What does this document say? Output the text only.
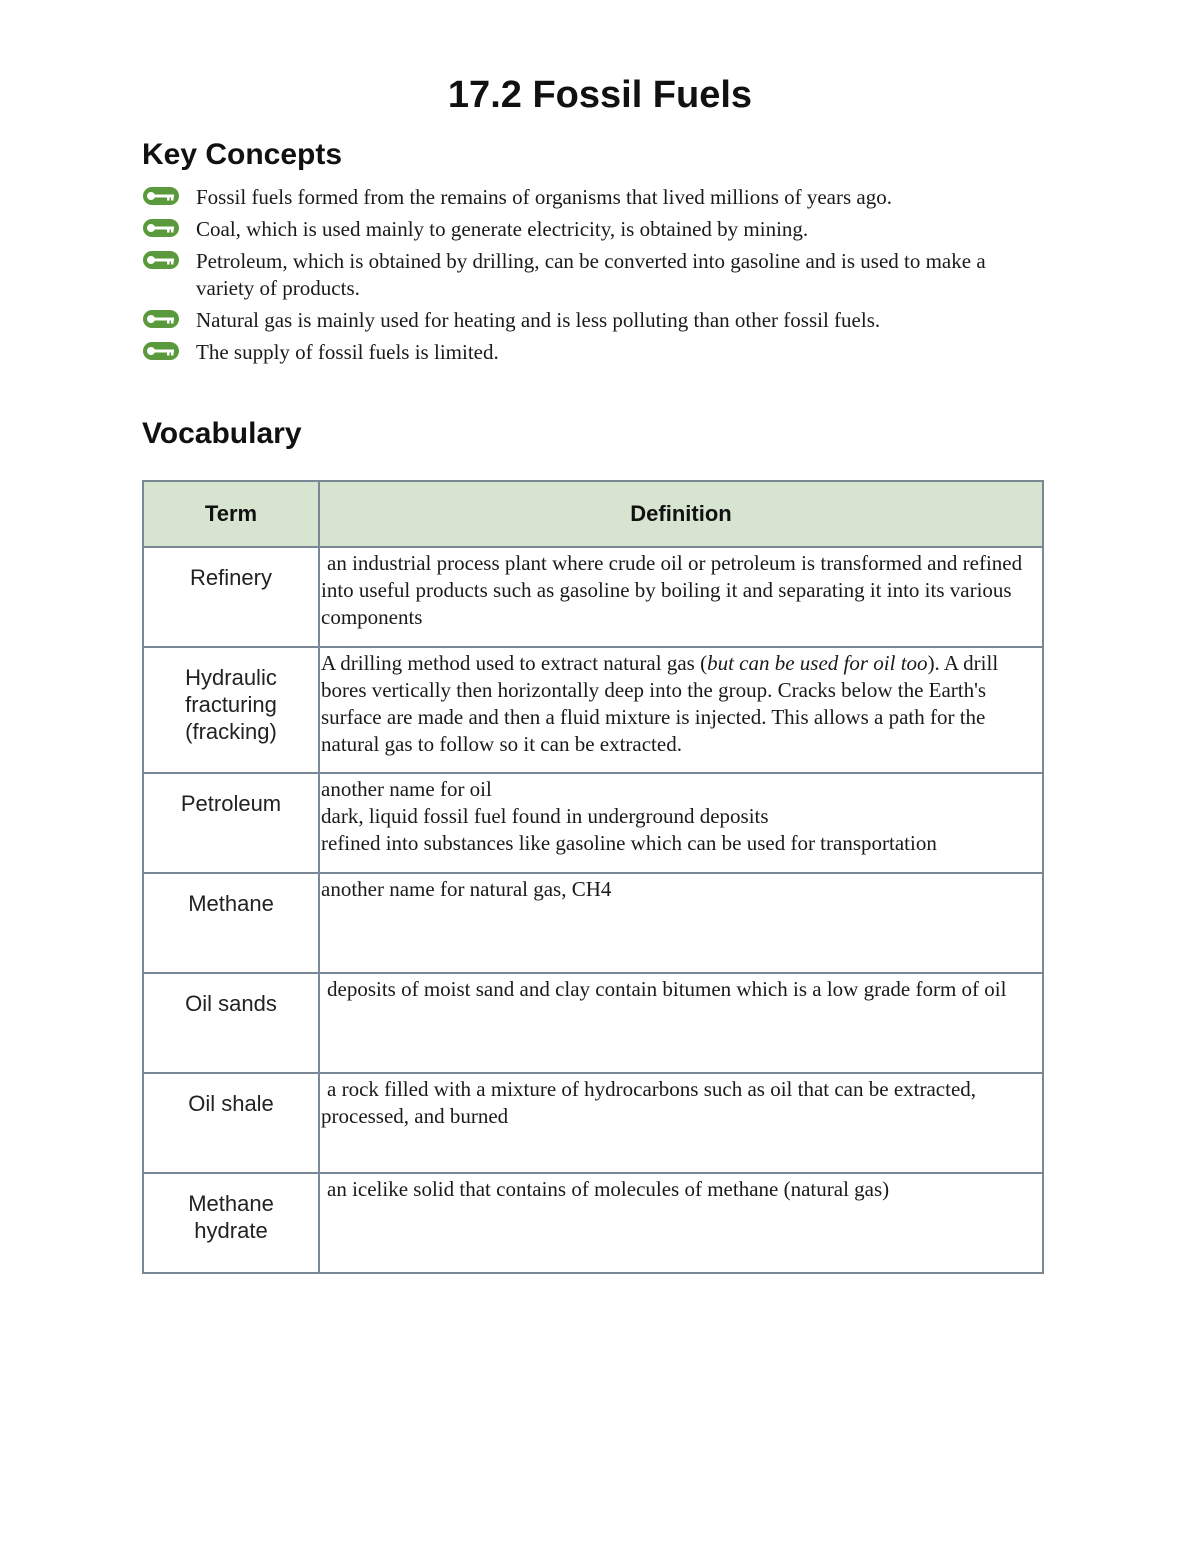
17.2 Fossil Fuels
Key Concepts
Fossil fuels formed from the remains of organisms that lived millions of years ago.
Coal, which is used mainly to generate electricity, is obtained by mining.
Petroleum, which is obtained by drilling, can be converted into gasoline and is used to make a variety of products.
Natural gas is mainly used for heating and is less polluting than other fossil fuels.
The supply of fossil fuels is limited.
Vocabulary
Term	Definition
Refinery	an industrial process plant where crude oil or petroleum is transformed and refined into useful products such as gasoline by boiling it and separating it into its various components
Hydraulic fracturing (fracking)	A drilling method used to extract natural gas (but can be used for oil too). A drill bores vertically then horizontally deep into the group. Cracks below the Earth's surface are made and then a fluid mixture is injected. This allows a path for the natural gas to follow so it can be extracted.
Petroleum	another name for oil
dark, liquid fossil fuel found in underground deposits
refined into substances like gasoline which can be used for transportation

Methane	another name for natural gas, CH4
Oil sands	deposits of moist sand and clay contain bitumen which is a low grade form of oil
Oil shale	a rock filled with a mixture of hydrocarbons such as oil that can be extracted, processed, and burned
Methane hydrate	an icelike solid that contains of molecules of methane (natural gas)
